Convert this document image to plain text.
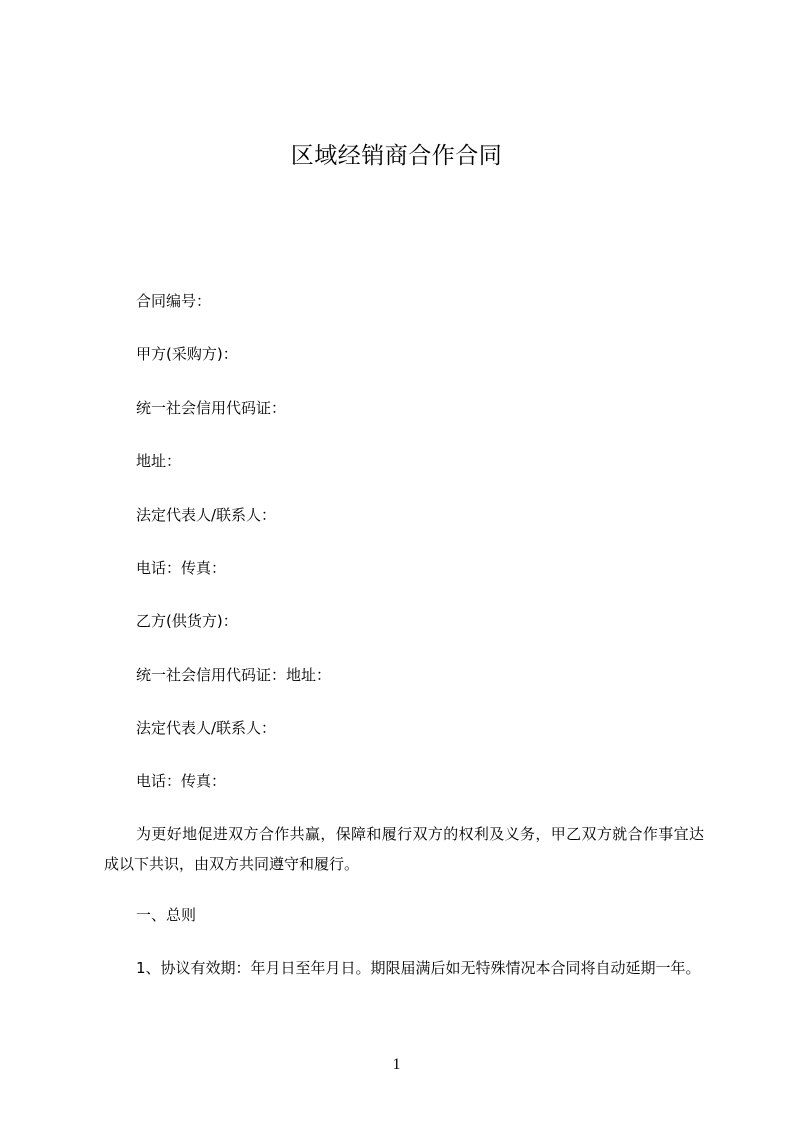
区域经销商合作合同
合同编号：
甲方(采购方)：
统一社会信用代码证：
地址：
法定代表人/联系人：
电话：传真：
乙方(供货方)：
统一社会信用代码证：地址：
法定代表人/联系人：
电话：传真：
为更好地促进双方合作共赢，保障和履行双方的权利及义务，甲乙双方就合作事宜达成以下共识，由双方共同遵守和履行。
一、总则
1、协议有效期：年月日至年月日。期限届满后如无特殊情况本合同将自动延期一年。
1
